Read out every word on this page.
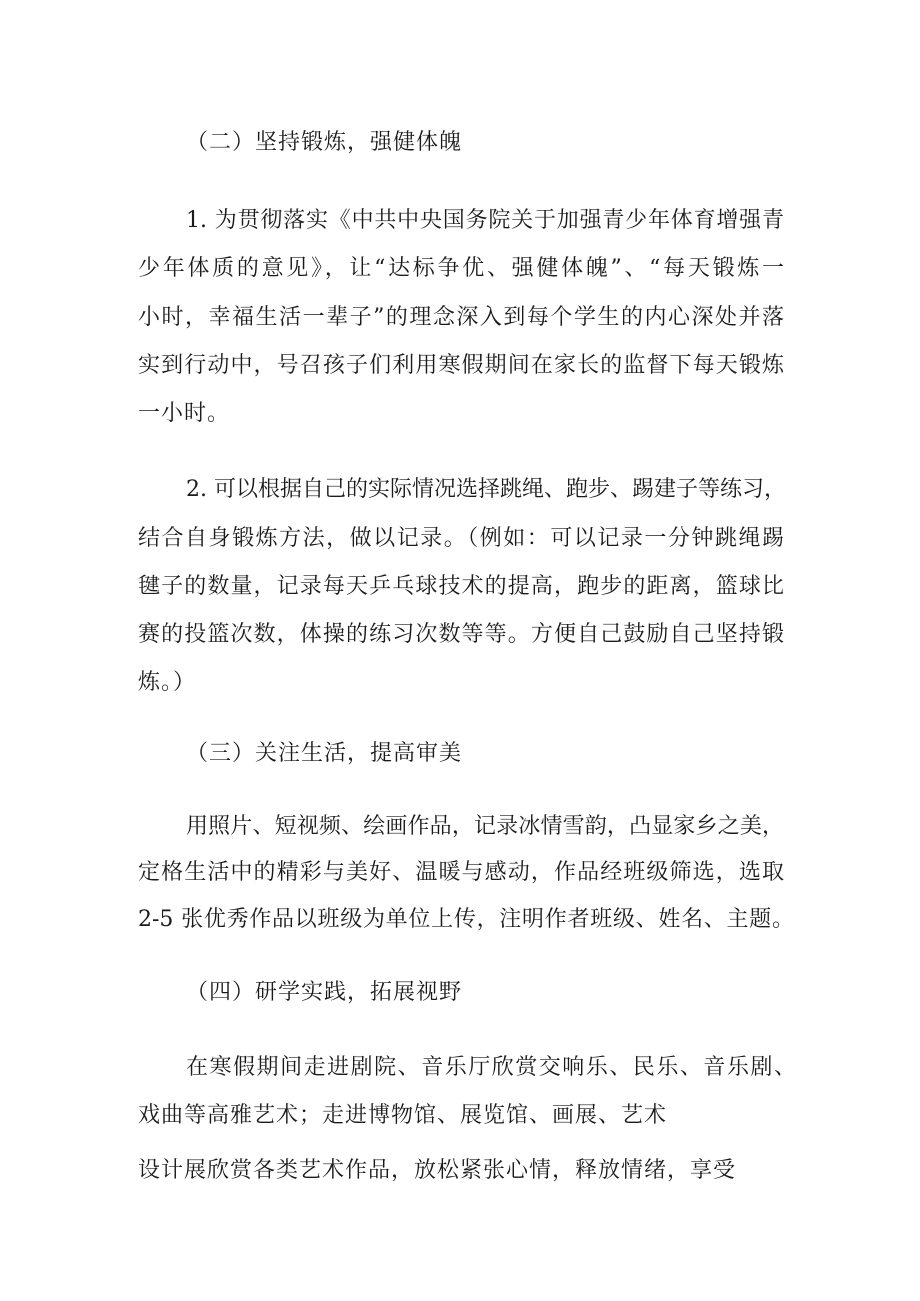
（二）坚持锻炼，强健体魄
1. 为贯彻落实《中共中央国务院关于加强青少年体育增强青
少年体质的意见》，让“达标争优、强健体魄”、“每天锻炼一
小时，幸福生活一辈子”的理念深入到每个学生的内心深处并落
实到行动中，号召孩子们利用寒假期间在家长的监督下每天锻炼
一小时。
2. 可以根据自己的实际情况选择跳绳、跑步、踢建子等练习，
结合自身锻炼方法，做以记录。（例如：可以记录一分钟跳绳踢
毽子的数量，记录每天乒乓球技术的提高，跑步的距离，篮球比
赛的投篮次数，体操的练习次数等等。方便自己鼓励自己坚持锻
炼。）
（三）关注生活，提高审美
用照片、短视频、绘画作品，记录冰情雪韵，凸显家乡之美，
定格生活中的精彩与美好、温暖与感动，作品经班级筛选，选取
2-5 张优秀作品以班级为单位上传，注明作者班级、姓名、主题。
（四）研学实践，拓展视野
在寒假期间走进剧院、音乐厅欣赏交响乐、民乐、音乐剧、
戏曲等高雅艺术；走进博物馆、展览馆、画展、艺术
设计展欣赏各类艺术作品，放松紧张心情，释放情绪，享受
